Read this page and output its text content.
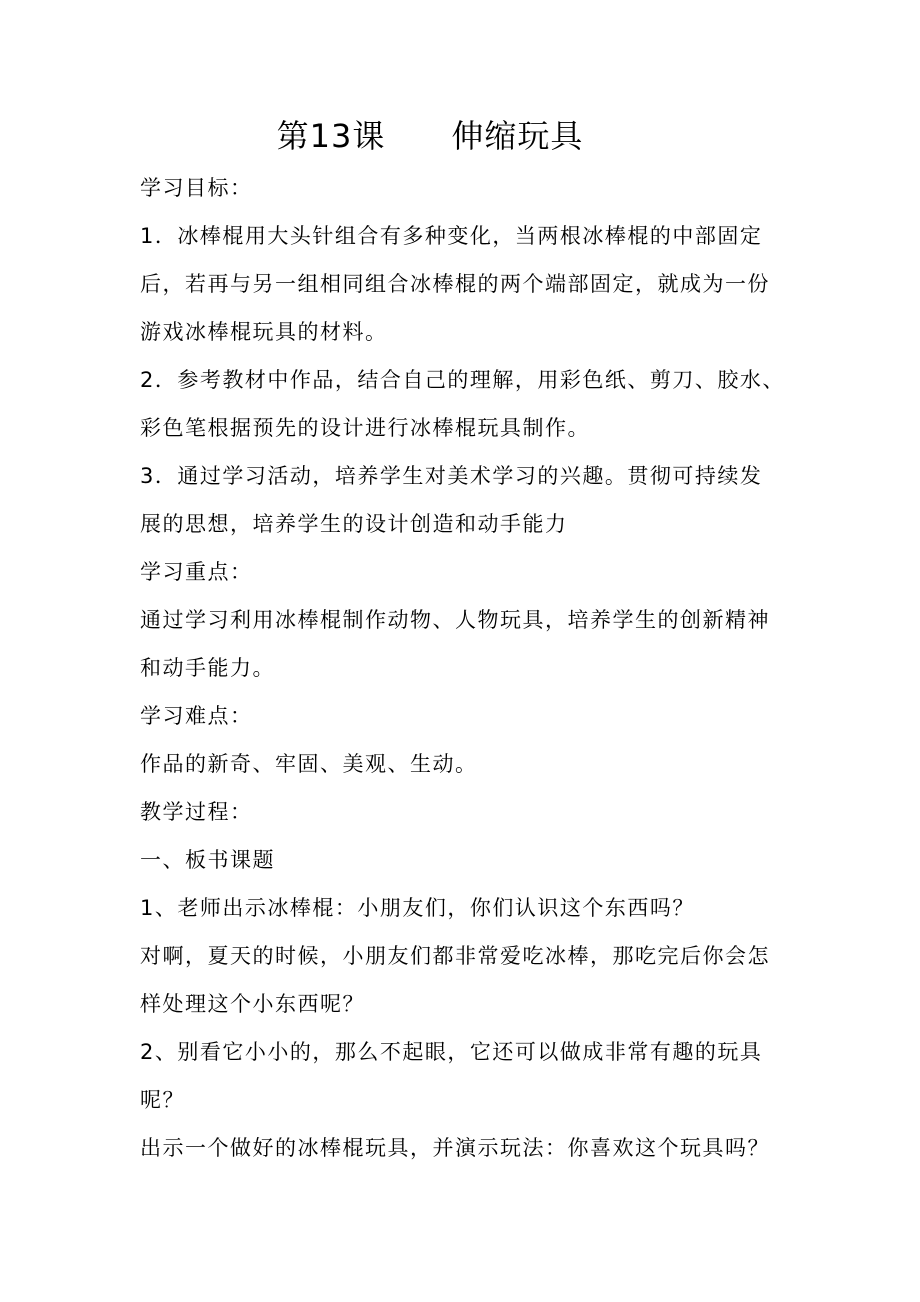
第13课　　伸缩玩具
学习目标：
1．冰棒棍用大头针组合有多种变化，当两根冰棒棍的中部固定
后，若再与另一组相同组合冰棒棍的两个端部固定，就成为一份
游戏冰棒棍玩具的材料。
2．参考教材中作品，结合自己的理解，用彩色纸、剪刀、胶水、
彩色笔根据预先的设计进行冰棒棍玩具制作。
3．通过学习活动，培养学生对美术学习的兴趣。贯彻可持续发
展的思想，培养学生的设计创造和动手能力
学习重点：
通过学习利用冰棒棍制作动物、人物玩具，培养学生的创新精神
和动手能力。
学习难点：
作品的新奇、牢固、美观、生动。
教学过程：
一、板书课题
1、老师出示冰棒棍：小朋友们，你们认识这个东西吗？
对啊，夏天的时候，小朋友们都非常爱吃冰棒，那吃完后你会怎
样处理这个小东西呢？
2、别看它小小的，那么不起眼，它还可以做成非常有趣的玩具
呢？
出示一个做好的冰棒棍玩具，并演示玩法：你喜欢这个玩具吗？
